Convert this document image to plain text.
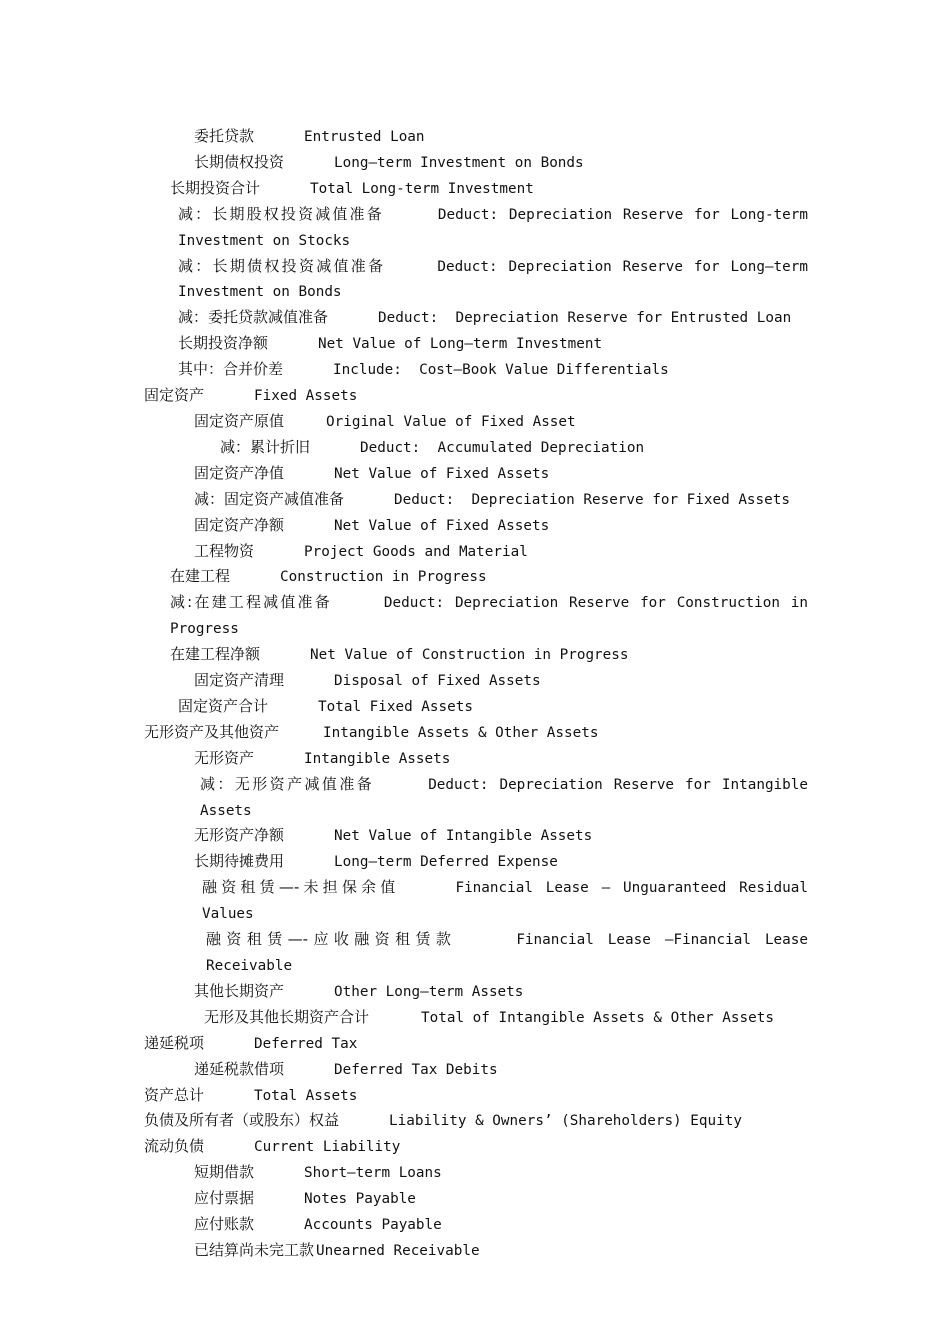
委托贷款	Entrusted Loan
长期债权投资	Long—term Investment on Bonds
长期投资合计	Total Long-term Investment
减：长期股权投资减值准备	Deduct: Depreciation Reserve for Long-term Investment on Stocks
减：长期债权投资减值准备	Deduct: Depreciation Reserve for Long—term Investment on Bonds
减：委托贷款减值准备	Deduct:  Depreciation Reserve for Entrusted Loan
长期投资净额	Net Value of Long—term Investment
其中：合并价差	Include:  Cost—Book Value Differentials
固定资产	Fixed Assets
固定资产原值	Original Value of Fixed Asset
减：累计折旧	Deduct:  Accumulated Depreciation
固定资产净值	Net Value of Fixed Assets
减：固定资产减值准备	Deduct:  Depreciation Reserve for Fixed Assets
固定资产净额	Net Value of Fixed Assets
工程物资	Project Goods and Material
在建工程	Construction in Progress
减:在建工程减值准备	Deduct: Depreciation Reserve for Construction in Progress
在建工程净额	Net Value of Construction in Progress
固定资产清理	Disposal of Fixed Assets
固定资产合计	Total Fixed Assets
无形资产及其他资产	Intangible Assets & Other Assets
无形资产	Intangible Assets
减：无形资产减值准备	Deduct: Depreciation Reserve for Intangible Assets
无形资产净额	Net Value of Intangible Assets
长期待摊费用	Long—term Deferred Expense
融资租赁—-未担保余值	Financial Lease – Unguaranteed Residual Values
融资租赁—-应收融资租赁款	Financial Lease –Financial Lease Receivable
其他长期资产	Other Long—term Assets
无形及其他长期资产合计	Total of Intangible Assets & Other Assets
递延税项	Deferred Tax
递延税款借项	Deferred Tax Debits
资产总计	Total Assets
负债及所有者（或股东）权益	Liability & Owners’ (Shareholders) Equity
流动负债	Current Liability
短期借款	Short—term Loans
应付票据	Notes Payable
应付账款	Accounts Payable
已结算尚未完工款 Unearned Receivable
